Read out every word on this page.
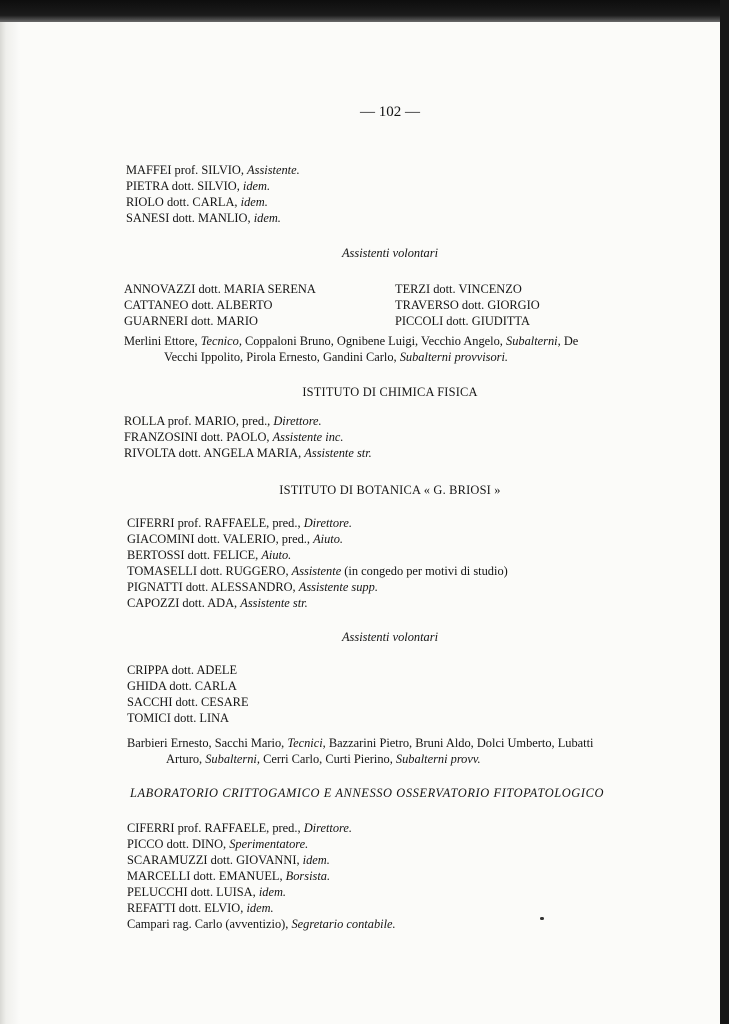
— 102 —
MAFFEI prof. SILVIO, Assistente.
PIETRA dott. SILVIO, idem.
RIOLO dott. CARLA, idem.
SANESI dott. MANLIO, idem.
Assistenti volontari
ANNOVAZZI dott. MARIA SERENA
CATTANEO dott. ALBERTO
GUARNERI dott. MARIO
TERZI dott. VINCENZO
TRAVERSO dott. GIORGIO
PICCOLI dott. GIUDITTA
Merlini Ettore, Tecnico, Coppaloni Bruno, Ognibene Luigi, Vecchio Angelo, Subalterni, De
Vecchi Ippolito, Pirola Ernesto, Gandini Carlo, Subalterni provvisori.
ISTITUTO DI CHIMICA FISICA
ROLLA prof. MARIO, pred., Direttore.
FRANZOSINI dott. PAOLO, Assistente inc.
RIVOLTA dott. ANGELA MARIA, Assistente str.
ISTITUTO DI BOTANICA « G. BRIOSI »
CIFERRI prof. RAFFAELE, pred., Direttore.
GIACOMINI dott. VALERIO, pred., Aiuto.
BERTOSSI dott. FELICE, Aiuto.
TOMASELLI dott. RUGGERO, Assistente (in congedo per motivi di studio)
PIGNATTI dott. ALESSANDRO, Assistente supp.
CAPOZZI dott. ADA, Assistente str.
Assistenti volontari
CRIPPA dott. ADELE
GHIDA dott. CARLA
SACCHI dott. CESARE
TOMICI dott. LINA
Barbieri Ernesto, Sacchi Mario, Tecnici, Bazzarini Pietro, Bruni Aldo, Dolci Umberto, Lubatti
Arturo, Subalterni, Cerri Carlo, Curti Pierino, Subalterni provv.
LABORATORIO CRITTOGAMICO E ANNESSO OSSERVATORIO FITOPATOLOGICO
CIFERRI prof. RAFFAELE, pred., Direttore.
PICCO dott. DINO, Sperimentatore.
SCARAMUZZI dott. GIOVANNI, idem.
MARCELLI dott. EMANUEL, Borsista.
PELUCCHI dott. LUISA, idem.
REFATTI dott. ELVIO, idem.
Campari rag. Carlo (avventizio), Segretario contabile.
